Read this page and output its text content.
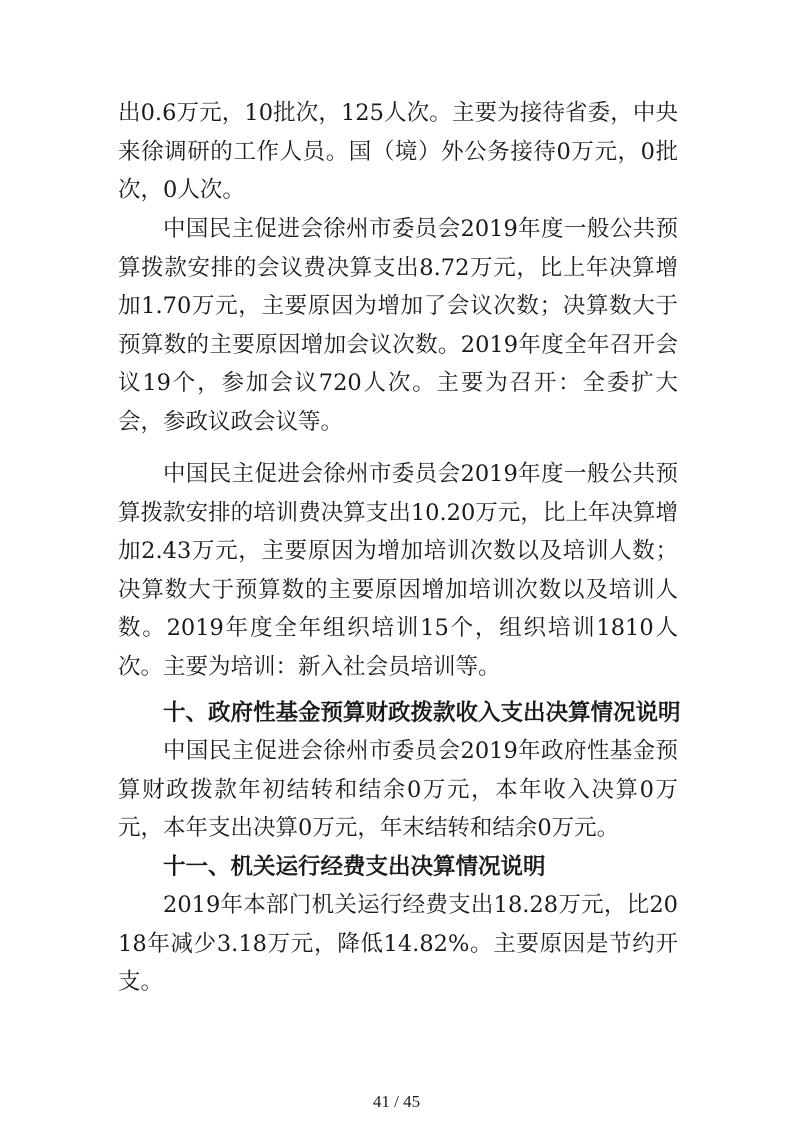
出0.6万元，10批次，125人次。主要为接待省委，中央来徐调研的工作人员。国（境）外公务接待0万元，0批次，0人次。
中国民主促进会徐州市委员会2019年度一般公共预算拨款安排的会议费决算支出8.72万元，比上年决算增加1.70万元，主要原因为增加了会议次数；决算数大于预算数的主要原因增加会议次数。2019年度全年召开会议19个，参加会议720人次。主要为召开：全委扩大会，参政议政会议等。
中国民主促进会徐州市委员会2019年度一般公共预算拨款安排的培训费决算支出10.20万元，比上年决算增加2.43万元，主要原因为增加培训次数以及培训人数；决算数大于预算数的主要原因增加培训次数以及培训人数。2019年度全年组织培训15个，组织培训1810人次。主要为培训：新入社会员培训等。
十、政府性基金预算财政拨款收入支出决算情况说明
中国民主促进会徐州市委员会2019年政府性基金预算财政拨款年初结转和结余0万元，本年收入决算0万元，本年支出决算0万元，年末结转和结余0万元。
十一、机关运行经费支出决算情况说明
2019年本部门机关运行经费支出18.28万元，比2018年减少3.18万元，降低14.82%。主要原因是节约开支。
41 / 45
